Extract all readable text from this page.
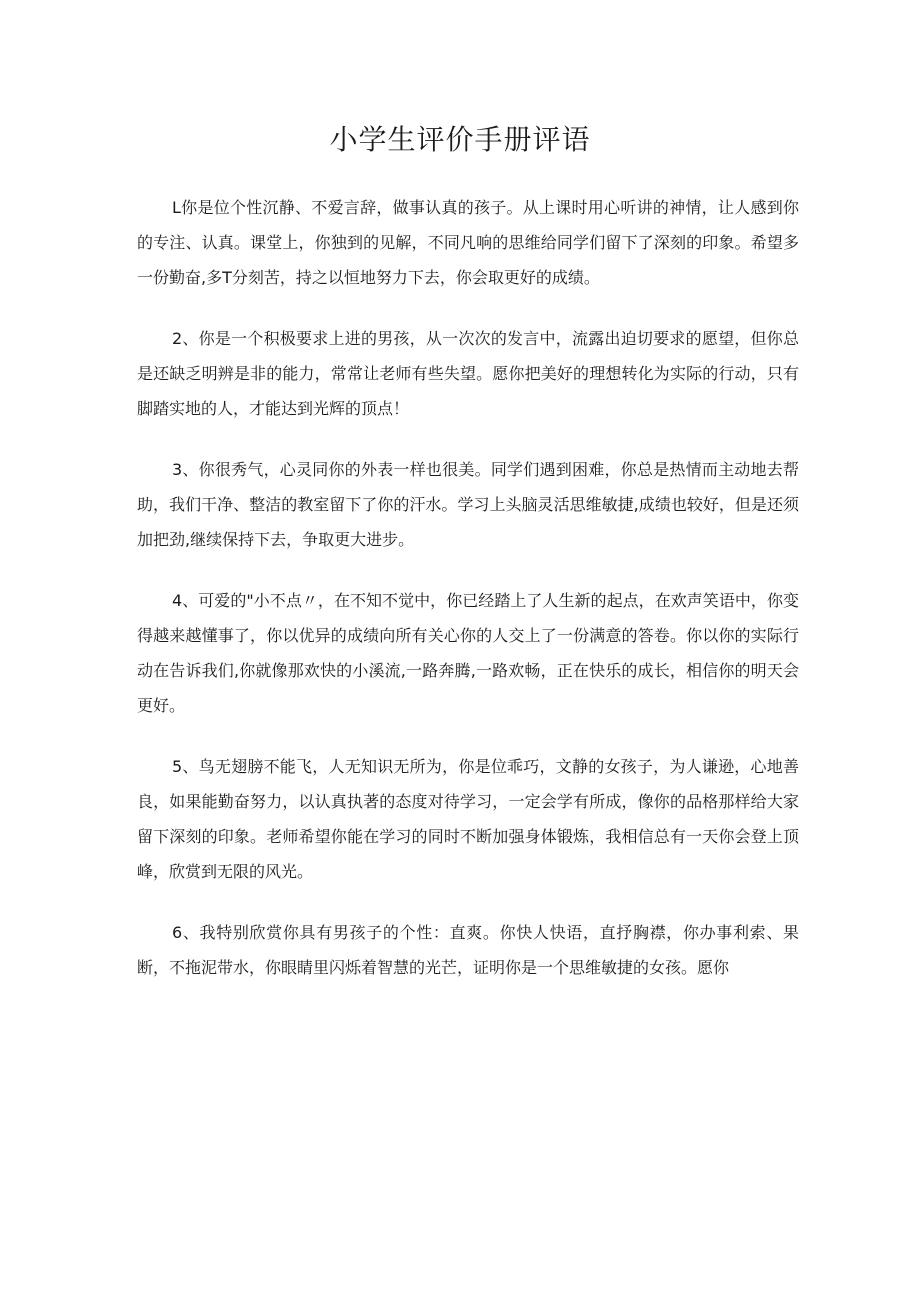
小学生评价手册评语

L你是位个性沉静、不爱言辞，做事认真的孩子。从上课时用心听讲的神情，让人感到你的专注、认真。课堂上，你独到的见解，不同凡响的思维给同学们留下了深刻的印象。希望多一份勤奋,多T分刻苦，持之以恒地努力下去，你会取更好的成绩。

2、你是一个积极要求上进的男孩，从一次次的发言中，流露出迫切要求的愿望，但你总是还缺乏明辨是非的能力，常常让老师有些失望。愿你把美好的理想转化为实际的行动，只有脚踏实地的人，才能达到光辉的顶点！

3、你很秀气，心灵同你的外表一样也很美。同学们遇到困难，你总是热情而主动地去帮助，我们干净、整洁的教室留下了你的汗水。学习上头脑灵活思维敏捷,成绩也较好，但是还须加把劲,继续保持下去，争取更大进步。

4、可爱的"小不点〃，在不知不觉中，你已经踏上了人生新的起点，在欢声笑语中，你变得越来越懂事了，你以优异的成绩向所有关心你的人交上了一份满意的答卷。你以你的实际行动在告诉我们,你就像那欢快的小溪流,一路奔腾,一路欢畅，正在快乐的成长，相信你的明天会更好。

5、鸟无翅膀不能飞，人无知识无所为，你是位乖巧，文静的女孩子，为人谦逊，心地善良，如果能勤奋努力，以认真执著的态度对待学习，一定会学有所成，像你的品格那样给大家留下深刻的印象。老师希望你能在学习的同时不断加强身体锻炼，我相信总有一天你会登上顶峰，欣赏到无限的风光。

6、我特别欣赏你具有男孩子的个性：直爽。你快人快语，直抒胸襟，你办事利索、果断，不拖泥带水，你眼睛里闪烁着智慧的光芒，证明你是一个思维敏捷的女孩。愿你
